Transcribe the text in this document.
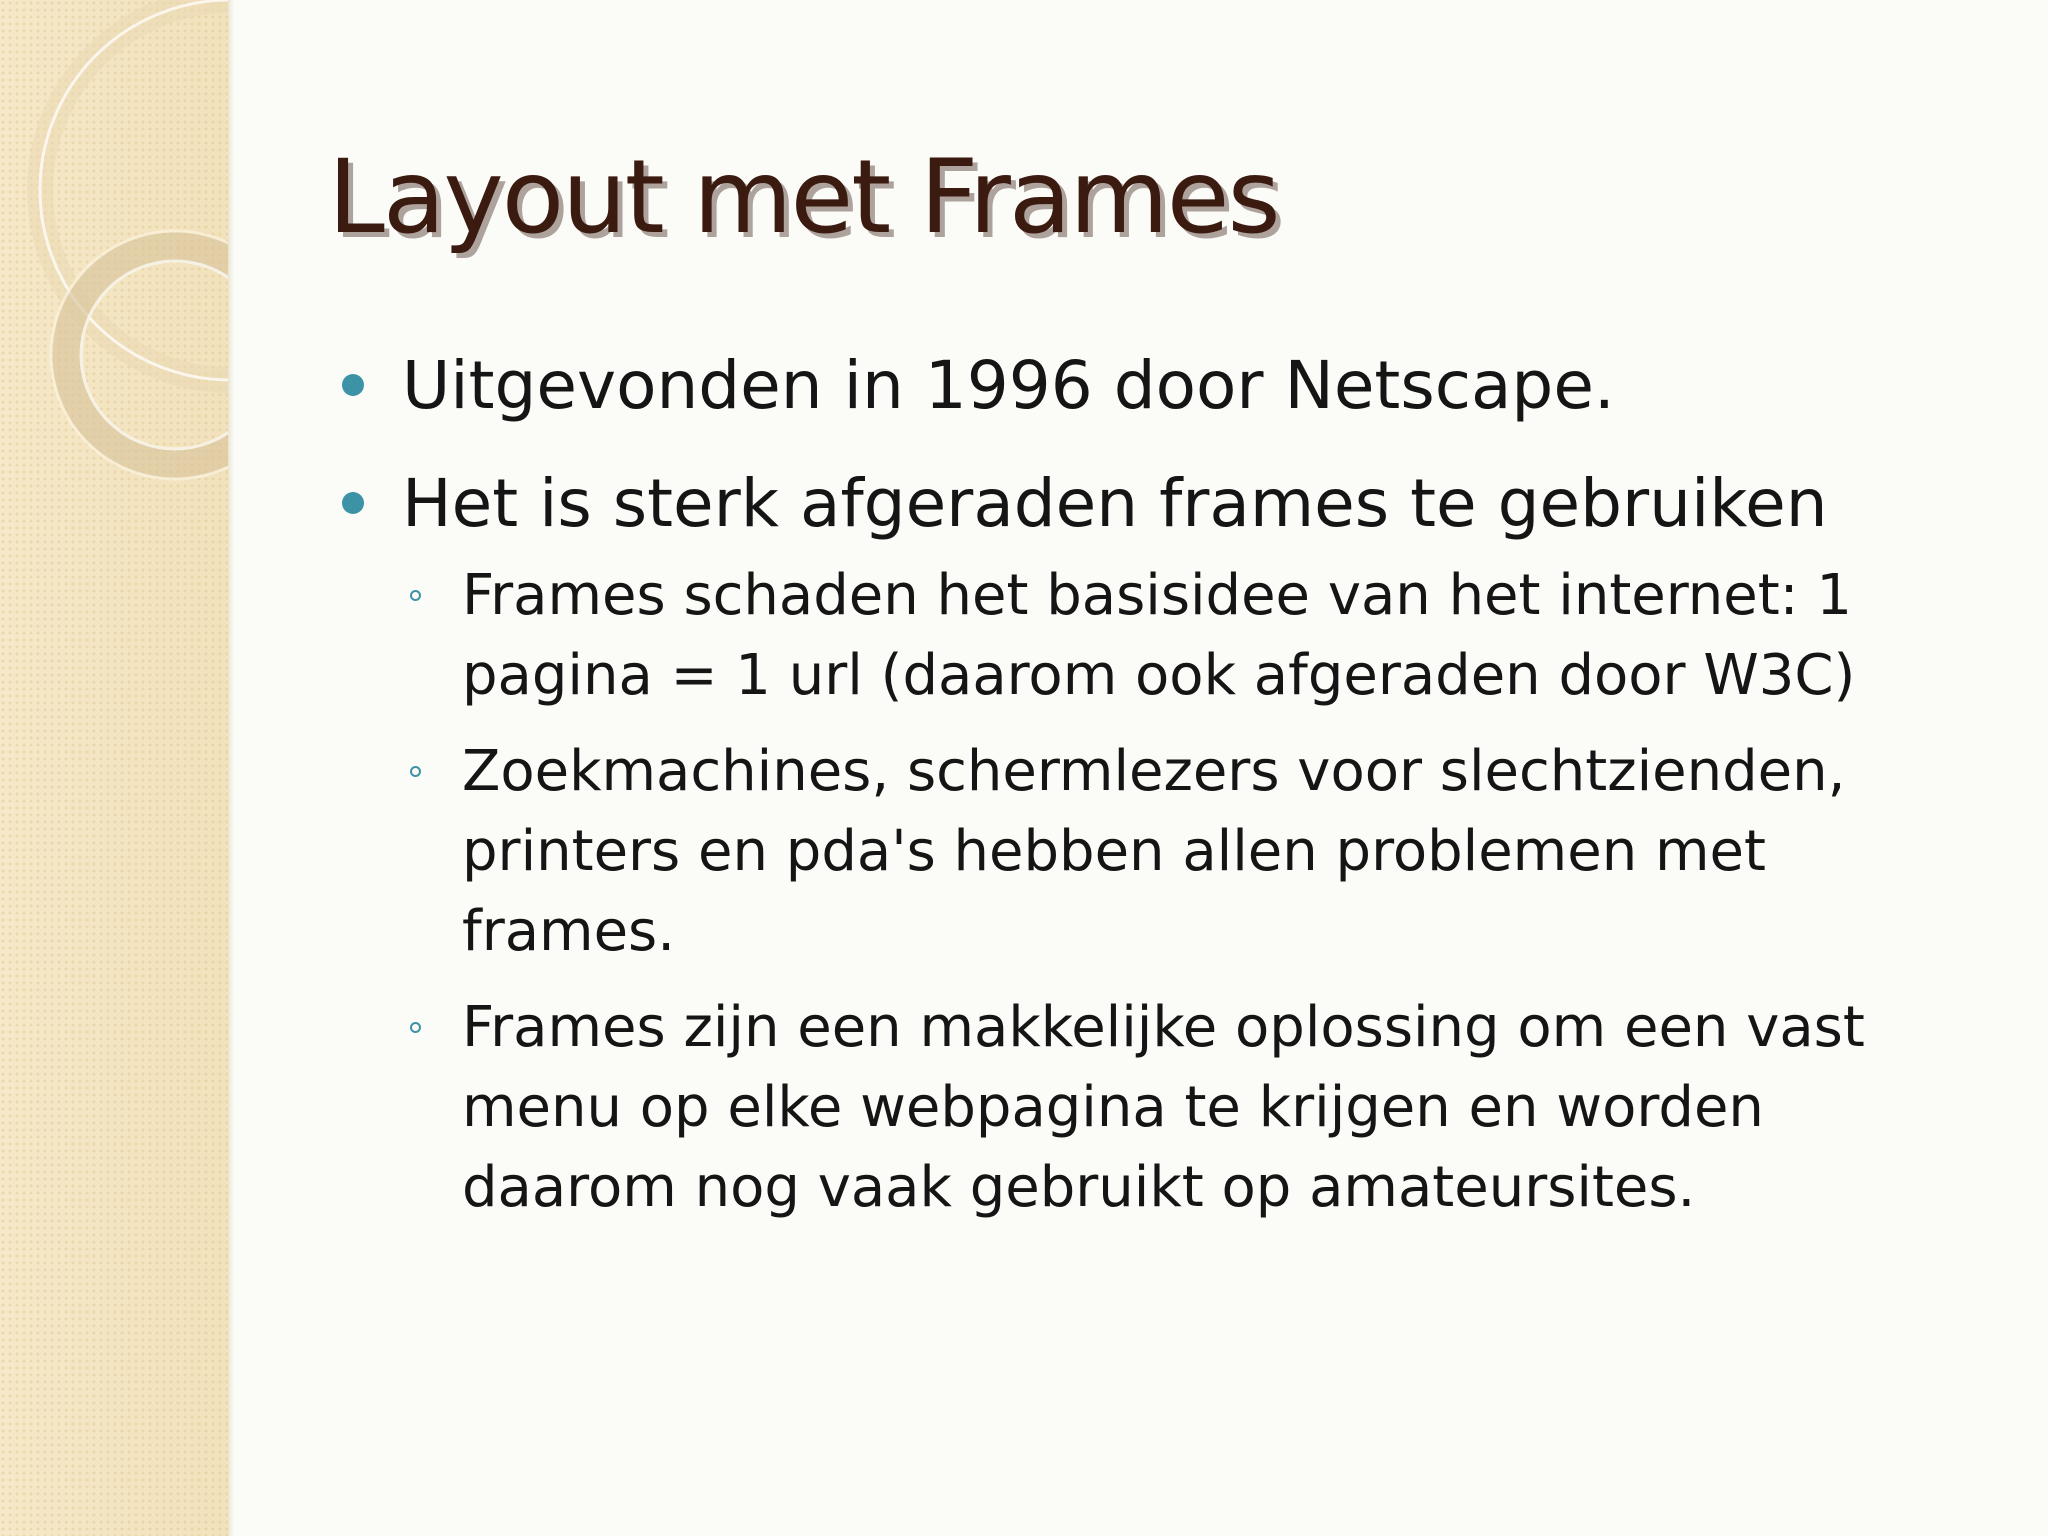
Layout met Frames
Uitgevonden in 1996 door Netscape.
Het is sterk afgeraden frames te gebruiken
Frames schaden het basisidee van het internet: 1
pagina = 1 url (daarom ook afgeraden door W3C)
Zoekmachines, schermlezers voor slechtzienden,
printers en pda's hebben allen problemen met
frames.
Frames zijn een makkelijke oplossing om een vast
menu op elke webpagina te krijgen en worden
daarom nog vaak gebruikt op amateursites.
